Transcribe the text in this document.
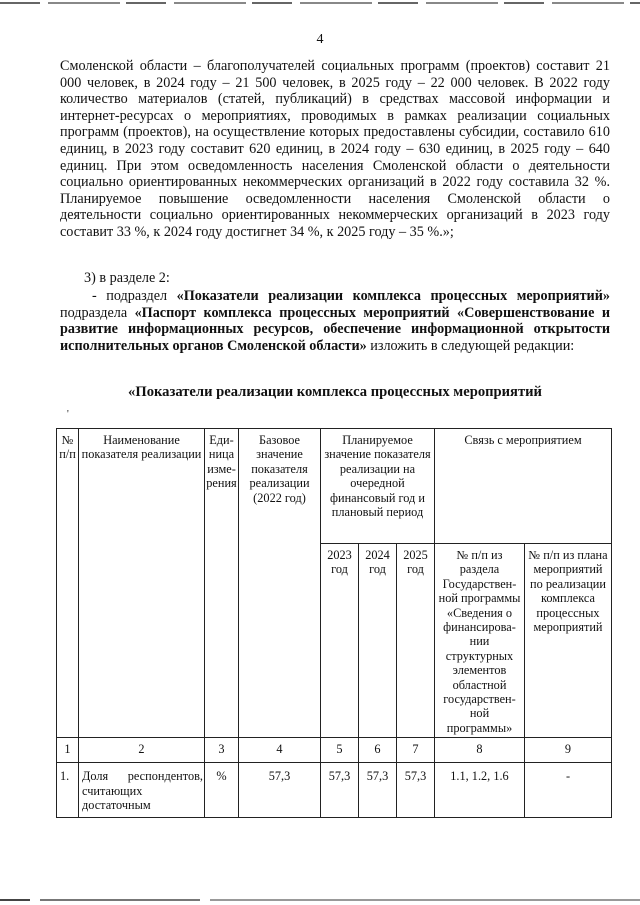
4
Смоленской области – благополучателей социальных программ (проектов) составит 21 000 человек, в 2024 году – 21 500 человек, в 2025 году – 22 000 человек. В 2022 году количество материалов (статей, публикаций) в средствах массовой информации и интернет-ресурсах о мероприятиях, проводимых в рамках реализации социальных программ (проектов), на осуществление которых предоставлены субсидии, составило 610 единиц, в 2023 году составит 620 единиц, в 2024 году – 630 единиц, в 2025 году – 640 единиц. При этом осведомленность населения Смоленской области о деятельности социально ориентированных некоммерческих организаций в 2022 году составила 32 %. Планируемое повышение осведомленности населения Смоленской области о деятельности социально ориентированных некоммерческих организаций в 2023 году составит 33 %, к 2024 году достигнет 34 %, к 2025 году – 35 %.»;
3) в разделе 2:
- подраздел «Показатели реализации комплекса процессных мероприятий» подраздела «Паспорт комплекса процессных мероприятий «Совершенствование и развитие информационных ресурсов, обеспечение информационной открытости исполнительных органов Смоленской области» изложить в следующей редакции:
«Показатели реализации комплекса процессных мероприятий
'
№ п/п	Наименование показателя реализации	Еди-ница изме-рения	Базовое значение показателя реализации (2022 год)	Планируемое значение показателя реализации на очередной финансовый год и плановый период			Связь с мероприятием	
				2023 год	2024 год	2025 год	№ п/п из раздела Государствен-ной программы «Сведения о финансирова-нии структурных элементов областной государствен-ной программы»	№ п/п из плана мероприятий по реализации комплекса процессных мероприятий
1	2	3	4	5	6	7	8	9
1.	Доля респондентов, считающих достаточным	%	57,3	57,3	57,3	57,3	1.1, 1.2, 1.6	-
